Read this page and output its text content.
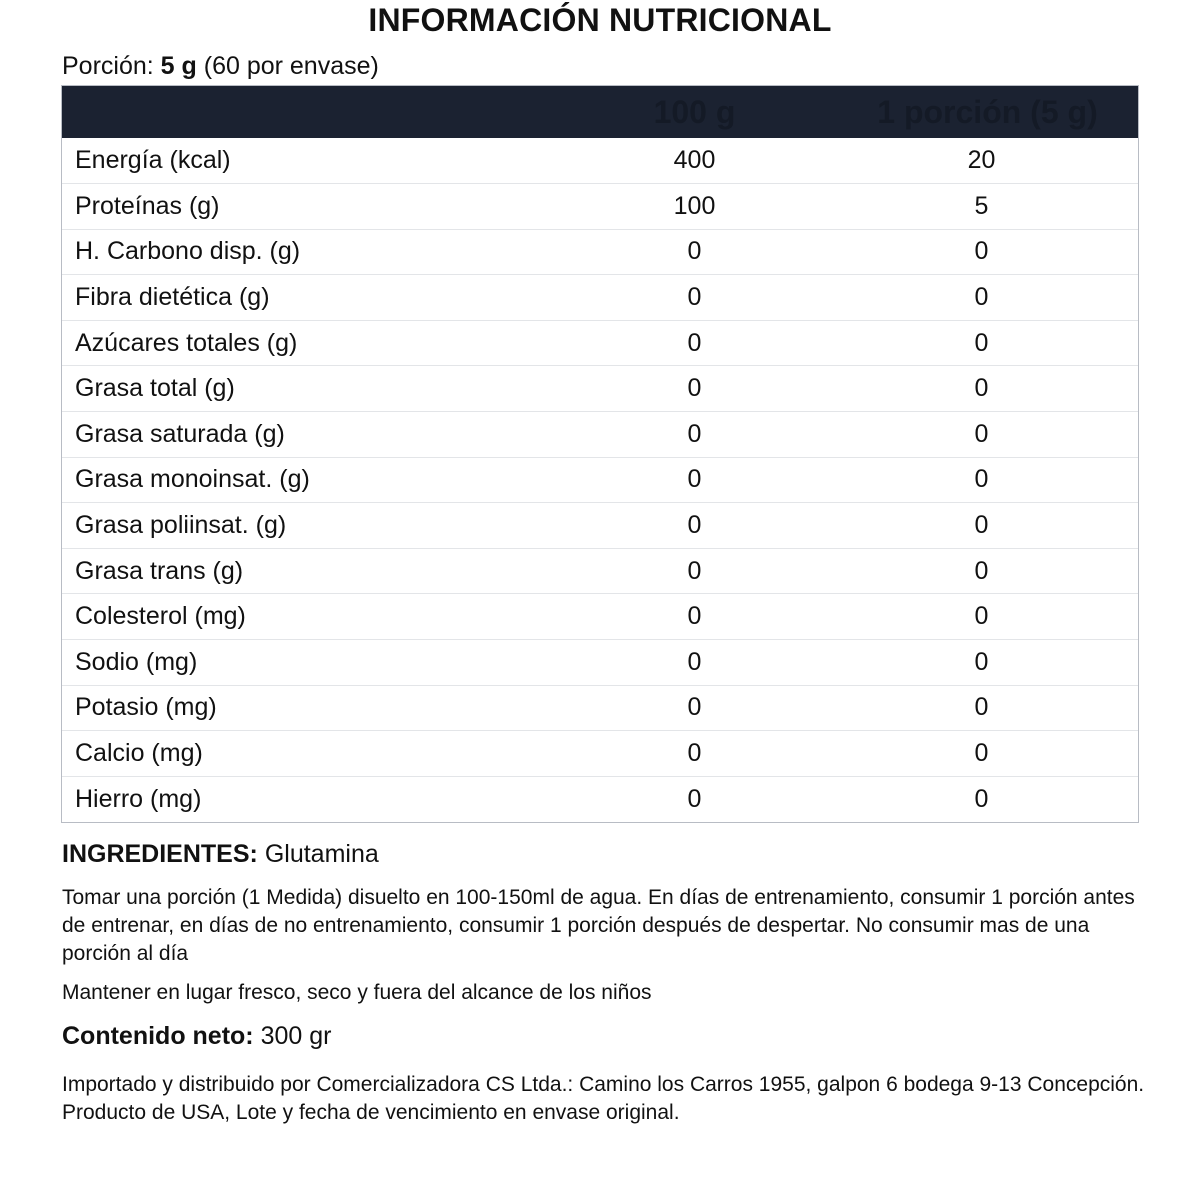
INFORMACIÓN NUTRICIONAL
Porción: 5 g (60 por envase)
	100 g	1 porción (5 g)
Energía (kcal)	400	20
Proteínas (g)	100	5
H. Carbono disp. (g)	0	0
Fibra dietética (g)	0	0
Azúcares totales (g)	0	0
Grasa total (g)	0	0
Grasa saturada (g)	0	0
Grasa monoinsat. (g)	0	0
Grasa poliinsat. (g)	0	0
Grasa trans (g)	0	0
Colesterol (mg)	0	0
Sodio (mg)	0	0
Potasio (mg)	0	0
Calcio (mg)	0	0
Hierro (mg)	0	0
INGREDIENTES: Glutamina
Tomar una porción (1 Medida) disuelto en 100-150ml de agua. En días de entrenamiento, consumir 1 porción antes de entrenar, en días de no entrenamiento, consumir 1 porción después de despertar. No consumir mas de una porción al día
Mantener en lugar fresco, seco y fuera del alcance de los niños
Contenido neto: 300 gr
Importado y distribuido por Comercializadora CS Ltda.: Camino los Carros 1955, galpon 6 bodega 9-13 Concepción. Producto de USA, Lote y fecha de vencimiento en envase original.
